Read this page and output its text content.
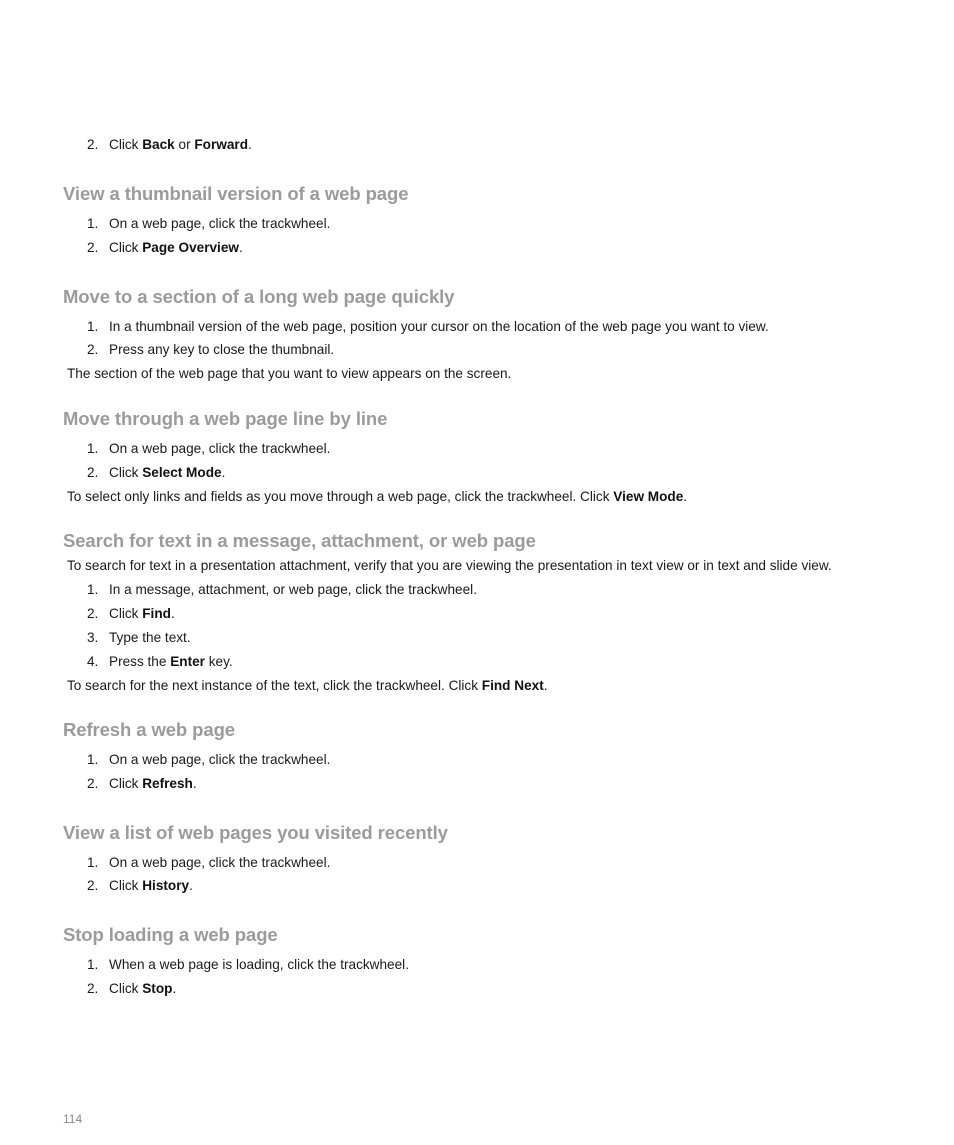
2. Click Back or Forward.
View a thumbnail version of a web page
1. On a web page, click the trackwheel.
2. Click Page Overview.
Move to a section of a long web page quickly
1. In a thumbnail version of the web page, position your cursor on the location of the web page you want to view.
2. Press any key to close the thumbnail.
The section of the web page that you want to view appears on the screen.
Move through a web page line by line
1. On a web page, click the trackwheel.
2. Click Select Mode.
To select only links and fields as you move through a web page, click the trackwheel. Click View Mode.
Search for text in a message, attachment, or web page
To search for text in a presentation attachment, verify that you are viewing the presentation in text view or in text and slide view.
1. In a message, attachment, or web page, click the trackwheel.
2. Click Find.
3. Type the text.
4. Press the Enter key.
To search for the next instance of the text, click the trackwheel. Click Find Next.
Refresh a web page
1. On a web page, click the trackwheel.
2. Click Refresh.
View a list of web pages you visited recently
1. On a web page, click the trackwheel.
2. Click History.
Stop loading a web page
1. When a web page is loading, click the trackwheel.
2. Click Stop.
114
